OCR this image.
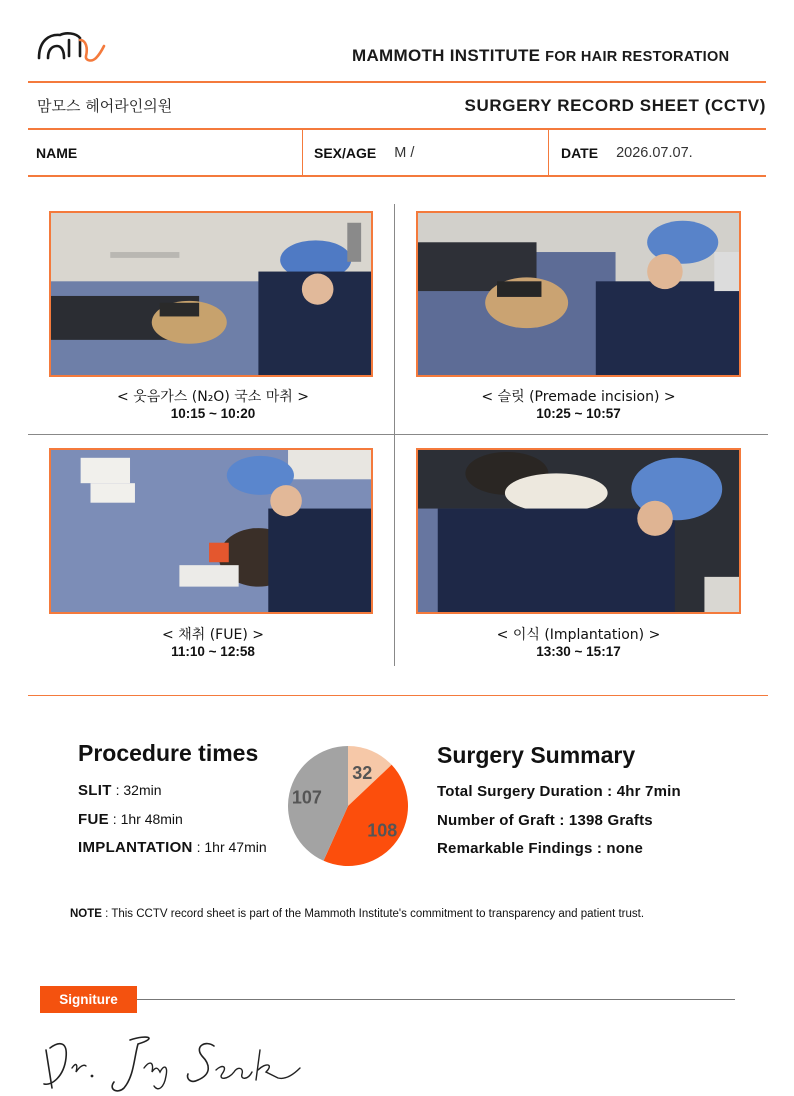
MAMMOTH INSTITUTE FOR HAIR RESTORATION
맘모스 헤어라인의원	SURGERY RECORD SHEET (CCTV)
NAME	SEX/AGE M /	DATE 2026.07.07.
< 웃음가스 (N₂O) 국소 마취 >
10:15 ~ 10:20
< 슬릿 (Premade incision) >
10:25 ~ 10:57
< 채취 (FUE) >
11:10 ~ 12:58
< 이식 (Implantation) >
13:30 ~ 15:17
Procedure times
SLIT : 32min
FUE : 1hr 48min
IMPLANTATION : 1hr 47min
32
108
107
Surgery Summary
Total Surgery Duration : 4hr 7min
Number of Graft : 1398 Grafts
Remarkable Findings : none
NOTE : This CCTV record sheet is part of the Mammoth Institute's commitment to transparency and patient trust.
Signiture
